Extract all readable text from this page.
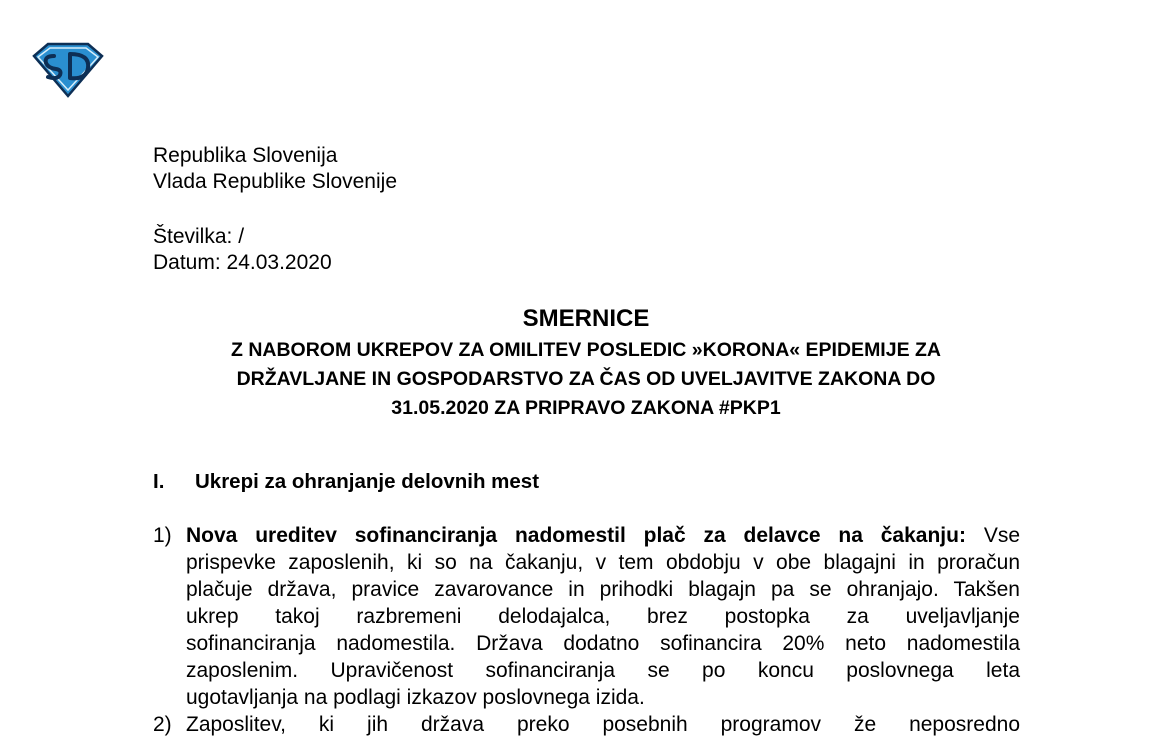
Republika Slovenija
Vlada Republike Slovenije
Številka: /
Datum: 24.03.2020
SMERNICE
Z NABOROM UKREPOV ZA OMILITEV POSLEDIC »KORONA« EPIDEMIJE ZA
DRŽAVLJANE IN GOSPODARSTVO ZA ČAS OD UVELJAVITVE ZAKONA DO
31.05.2020 ZA PRIPRAVO ZAKONA #PKP1
I. Ukrepi za ohranjanje delovnih mest
1) Nova ureditev sofinanciranja nadomestil plač za delavce na čakanju: Vse
prispevke zaposlenih, ki so na čakanju, v tem obdobju v obe blagajni in proračun
plačuje država, pravice zavarovance in prihodki blagajn pa se ohranjajo. Takšen
ukrep takoj razbremeni delodajalca, brez postopka za uveljavljanje
sofinanciranja nadomestila. Država dodatno sofinancira 20% neto nadomestila
zaposlenim. Upravičenost sofinanciranja se po koncu poslovnega leta
ugotavljanja na podlagi izkazov poslovnega izida.
2) Zaposlitev, ki jih država preko posebnih programov že neposredno
